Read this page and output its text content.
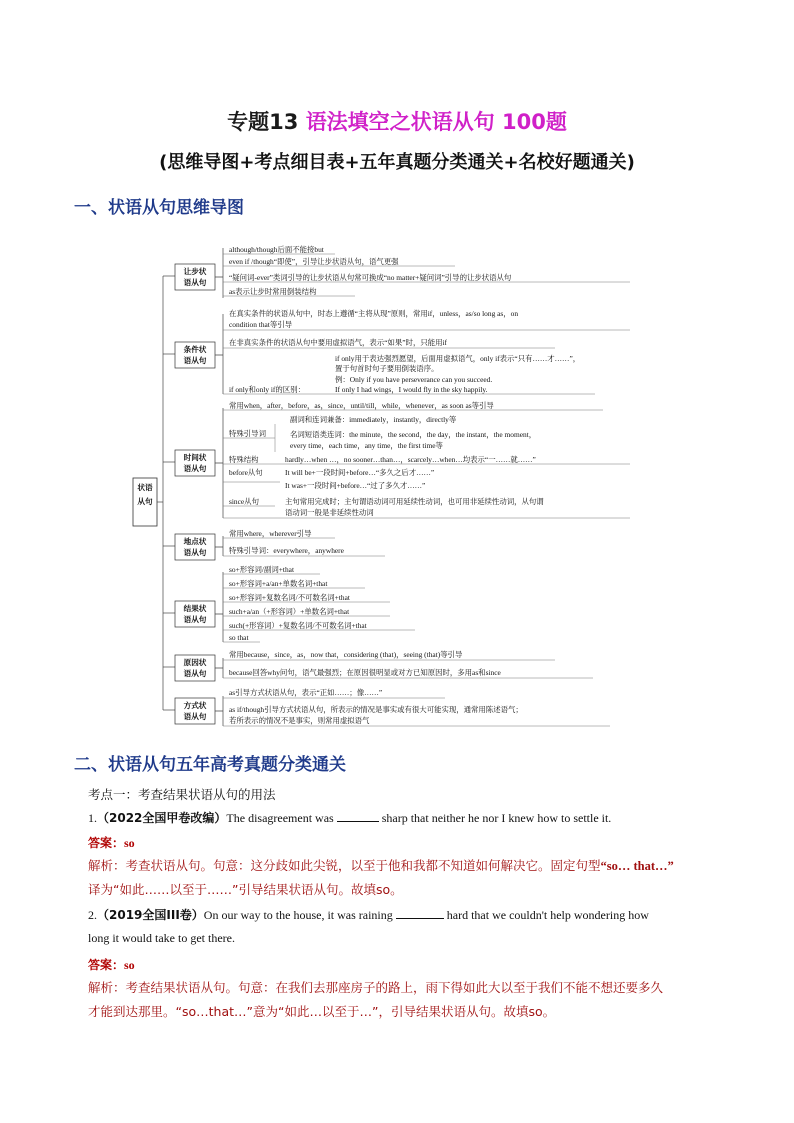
专题13 语法填空之状语从句 100题
(思维导图+考点细目表+五年真题分类通关+名校好题通关)
一、状语从句思维导图
状语
从句
让步状
语从句
although/though后面不能接but
even if /though“即使”，引导让步状语从句，语气更强
“疑问词-ever”类词引导的让步状语从句常可换成“no matter+疑问词”引导的让步状语从句
as表示让步时常用倒装结构
条件状
语从句
在真实条件的状语从句中，时态上遵循“主将从现”原则，常用if，unless，as/so long as，on
condition that等引导
在非真实条件的状语从句中要用虚拟语气，表示“如果”时，只能用if
if only用于表达强烈愿望，后面用虚拟语气，only if表示“只有……才……”，
置于句首时句子要用倒装语序。
例：Only if you have perseverance can you succeed.
if only和only if的区别：	If only I had wings，I would fly in the sky happily.
时间状
语从句
常用when，after，before，as，since，until/till，while，whenever，as soon as等引导
特殊引导词
副词和连词兼备：immediately，instantly，directly等
名词短语类连词：the minute，the second，the day，the instant，the moment，
every time，each time，any time，the first time等
特殊结构	hardly…when …，no sooner…than…，scarcely…when…均表示“一……就……”
before从句	It will be+一段时间+before…“多久之后才……”
It was+一段时间+before…“过了多久才……”
since从句	主句常用完成时；主句谓语动词可用延续性动词，也可用非延续性动词，从句谓
语动词一般是非延续性动词
地点状
语从句
常用where，wherever引导
特殊引导词：everywhere，anywhere
结果状
语从句
so+形容词/副词+that
so+形容词+a/an+单数名词+that
so+形容词+复数名词/不可数名词+that
such+a/an（+形容词）+单数名词+that
such(+形容词）+复数名词/不可数名词+that
so that
原因状
语从句
常用because，since，as，now that，considering (that)，seeing (that)等引导
because回答why问句，语气最强烈；在原因很明显或对方已知原因时，多用as和since
方式状
语从句
as引导方式状语从句，表示“正如……；像……”
as if/though引导方式状语从句，所表示的情况是事实或有很大可能实现，通常用陈述语气；
若所表示的情况不是事实，则常用虚拟语气
二、状语从句五年高考真题分类通关
考点一：考查结果状语从句的用法
1.（2022全国甲卷改编）The disagreement was	sharp that neither he nor I knew how to settle it.
答案：so
解析：考查状语从句。句意：这分歧如此尖锐，以至于他和我都不知道如何解决它。固定句型“so… that…”
译为“如此……以至于……”引导结果状语从句。故填so。
2.（2019全国III卷）On our way to the house, it was raining	hard that we couldn't help wondering how
long it would take to get there.
答案：so
解析：考查结果状语从句。句意：在我们去那座房子的路上，雨下得如此大以至于我们不能不想还要多久
才能到达那里。“so…that…”意为“如此…以至于…”，引导结果状语从句。故填so。
